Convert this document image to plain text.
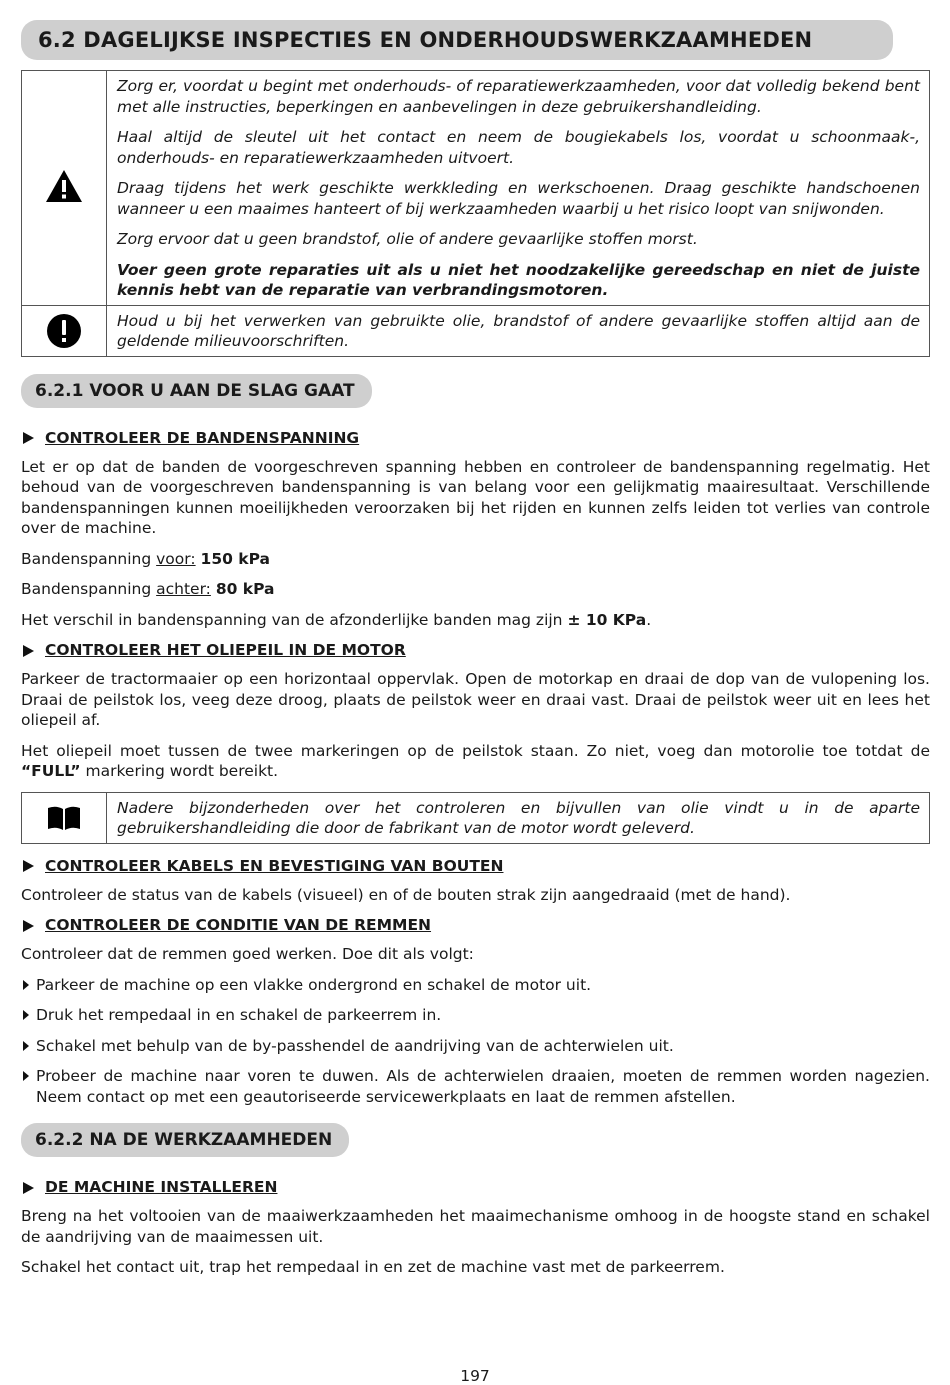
6.2 DAGELIJKSE INSPECTIES EN ONDERHOUDSWERKZAAMHEDEN

Zorg er, voordat u begint met onderhouds- of reparatiewerkzaamheden, voor dat volledig bekend bent met alle instructies, beperkingen en aanbevelingen in deze gebruikershandleiding.

Haal altijd de sleutel uit het contact en neem de bougiekabels los, voordat u schoonmaak-, onderhouds- en reparatiewerkzaamheden uitvoert.

Draag tijdens het werk geschikte werkkleding en werkschoenen. Draag geschikte handschoenen wanneer u een maaimes hanteert of bij werkzaamheden waarbij u het risico loopt van snijwonden.

Zorg ervoor dat u geen brandstof, olie of andere gevaarlijke stoffen morst.

Voer geen grote reparaties uit als u niet het noodzakelijke gereedschap en niet de juiste kennis hebt van de reparatie van verbrandingsmotoren.

Houd u bij het verwerken van gebruikte olie, brandstof of andere gevaarlijke stoffen altijd aan de geldende milieuvoorschriften.

6.2.1 VOOR U AAN DE SLAG GAAT
CONTROLEER DE BANDENSPANNING

Let er op dat de banden de voorgeschreven spanning hebben en controleer de bandenspanning regelmatig. Het behoud van de voorgeschreven bandenspanning is van belang voor een gelijkmatig maairesultaat. Verschillende bandenspanningen kunnen moeilijkheden veroorzaken bij het rijden en kunnen zelfs leiden tot verlies van controle over de machine.

Bandenspanning voor: 150 kPa

Bandenspanning achter: 80 kPa

Het verschil in bandenspanning van de afzonderlijke banden mag zijn ± 10 KPa.

CONTROLEER HET OLIEPEIL IN DE MOTOR

Parkeer de tractormaaier op een horizontaal oppervlak. Open de motorkap en draai de dop van de vulopening los. Draai de peilstok los, veeg deze droog, plaats de peilstok weer en draai vast. Draai de peilstok weer uit en lees het oliepeil af.

Het oliepeil moet tussen de twee markeringen op de peilstok staan. Zo niet, voeg dan motorolie toe totdat de “FULL” markering wordt bereikt.

Nadere bijzonderheden over het controleren en bijvullen van olie vindt u in de aparte gebruikershandleiding die door de fabrikant van de motor wordt geleverd.

CONTROLEER KABELS EN BEVESTIGING VAN BOUTEN

Controleer de status van de kabels (visueel) en of de bouten strak zijn aangedraaid (met de hand).

CONTROLEER DE CONDITIE VAN DE REMMEN

Controleer dat de remmen goed werken. Doe dit als volgt:

Parkeer de machine op een vlakke ondergrond en schakel de motor uit.
Druk het rempedaal in en schakel de parkeerrem in.
Schakel met behulp van de by-passhendel de aandrijving van de achterwielen uit.
Probeer de machine naar voren te duwen. Als de achterwielen draaien, moeten de remmen worden nagezien. Neem contact op met een geautoriseerde servicewerkplaats en laat de remmen afstellen.
6.2.2 NA DE WERKZAAMHEDEN
DE MACHINE INSTALLEREN

Breng na het voltooien van de maaiwerkzaamheden het maaimechanisme omhoog in de hoogste stand en schakel de aandrijving van de maaimessen uit.

Schakel het contact uit, trap het rempedaal in en zet de machine vast met de parkeerrem.

197
